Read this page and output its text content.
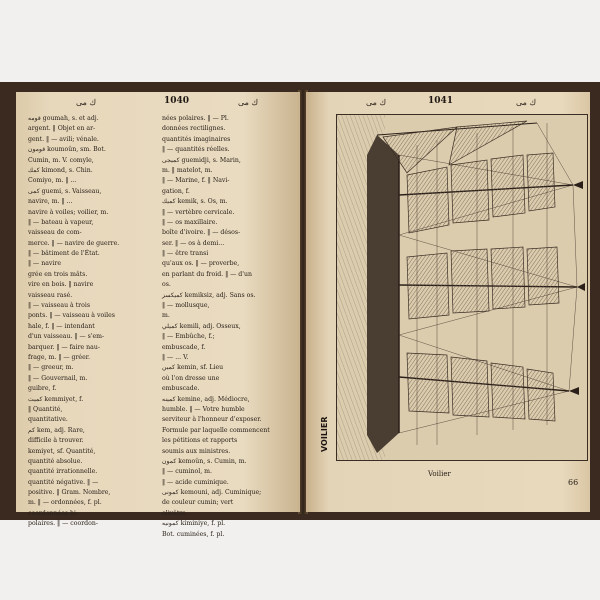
ك مى	1040	ك مى
قومه goumah, s. et adj.
argent. ‖ Objet en ar-
gent. ‖ — avili; vénale.
قومون koumoûn, sm. Bot.
Cumin, m. V. comyle,
كمك kimond, s. Chin.
Comiyo, m. ‖ ...
كمى guemi, s. Vaisseau,
navire, m. ‖ ...
navire à voiles; voilier, m.
‖ — bateau à vapeur,
vaisseau de com-
merce. ‖ — navire de guerre.
‖ — bâtiment de l'État.
‖ — navire
grée en trois mâts.
vire en bois. ‖ navire
vaisseau rasé.
‖ — vaisseau à trois
ponts. ‖ — vaisseau à voiles
hale, f. ‖ — intendant
d'un vaisseau. ‖ — s'em-
barquer. ‖ — faire nau-
frage, m. ‖ — gréer.
‖ — greeur, m.
‖ — Gouvernail, m.
guibre, f.
كميت kemmiyet, f.
‖ Quantité,
quantitative.
كم kem, adj. Rare,
difficile à trouver.
kemiyet, sf. Quantité,
quantité absolue.
quantité irrationnelle.
quantité négative. ‖ —
positive. ‖ Gram. Nombre,
m. ‖ — ordonnées, f. pl.
coordonnées bi-
polaires. ‖ — coordon-
nées polaires. ‖ — Pl.
données rectilignes.
quantités imaginaires
‖ — quantités réelles.
كميجى guemidji, s. Marin,
m. ‖ matelot, m.
‖ — Marine, f. ‖ Navi-
gation, f.
كميك kemik, s. Os, m.
‖ — vertèbre cervicale.
‖ — os maxillaire.
boîte d'ivoire. ‖ — désos-
ser. ‖ — os à demi...
‖ — être transi
qu'aux os. ‖ — proverbe,
en parlant du froid. ‖ — d'un
os.
كميكسز kemiksiz, adj. Sans os.
‖ — mollusque,
m.
كميلي kemili, adj. Osseux,
‖ — Embûche, f.;
embuscade, f.
‖ — ... V.
كمين kemin, sf. Lieu
où l'on dresse une
embuscade.
كمينه kemine, adj. Médiocre,
humble. ‖ — Votre humble
serviteur à l'honneur d'exposer.
Formule par laquelle commencent
les pétitions et rapports
soumis aux ministres.
كمون kemoûn, s. Cumin, m.
‖ — cuminol, m.
‖ — acide cuminique.
كمونى kemouni, adj. Cuminique;
de couleur cumin; vert
olivâtre.
كمونيه kiminiye, f. pl.
Bot. cuminées, f. pl.
ك مى	1041	ك مى
VOILIER
Voilier
66
